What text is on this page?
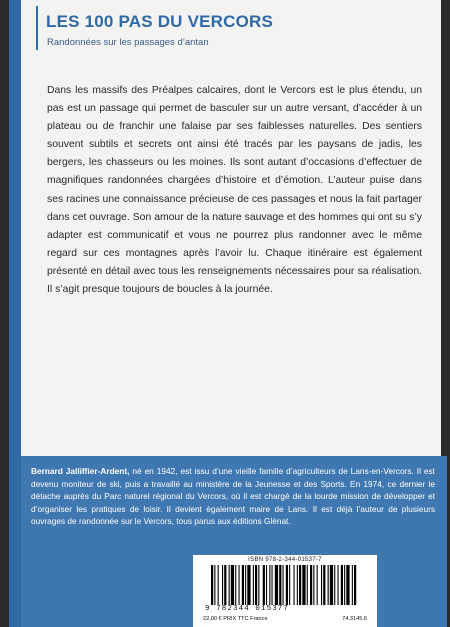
LES 100 PAS DU VERCORS
Randonnées sur les passages d’antan

Dans les massifs des Préalpes calcaires, dont le Vercors est le plus étendu, un pas est un passage qui permet de basculer sur un autre versant, d’accéder à un plateau ou de franchir une falaise par ses faiblesses naturelles. Des sentiers souvent subtils et secrets ont ainsi été tracés par les paysans de jadis, les bergers, les chasseurs ou les moines. Ils sont autant d’occasions d’effectuer de magnifiques randonnées chargées d’histoire et d’émotion. L’auteur puise dans ses racines une connaissance précieuse de ces passages et nous la fait partager dans cet ouvrage. Son amour de la nature sauvage et des hommes qui ont su s’y adapter est communicatif et vous ne pourrez plus randonner avec le même regard sur ces montagnes après l’avoir lu. Chaque itinéraire est également présenté en détail avec tous les renseignements nécessaires pour sa réalisation. Il s’agit presque toujours de boucles à la journée.

Bernard Jalliffier-Ardent, né en 1942, est issu d’une vieille famille d’agriculteurs de Lans-en-Vercors. Il est devenu moniteur de ski, puis a travaillé au ministère de la Jeunesse et des Sports. En 1974, ce dernier le détache auprès du Parc naturel régional du Vercors, où il est chargé de la lourde mission de développer et d’organiser les pratiques de loisir. Il devient également maire de Lans. Il est déjà l’auteur de plusieurs ouvrages de randonnée sur le Vercors, tous parus aux éditions Glénat.

ISBN 978-2-344-01537-7
9 782344 015377
22,00 € PRIX TTC France	74.3145.6
